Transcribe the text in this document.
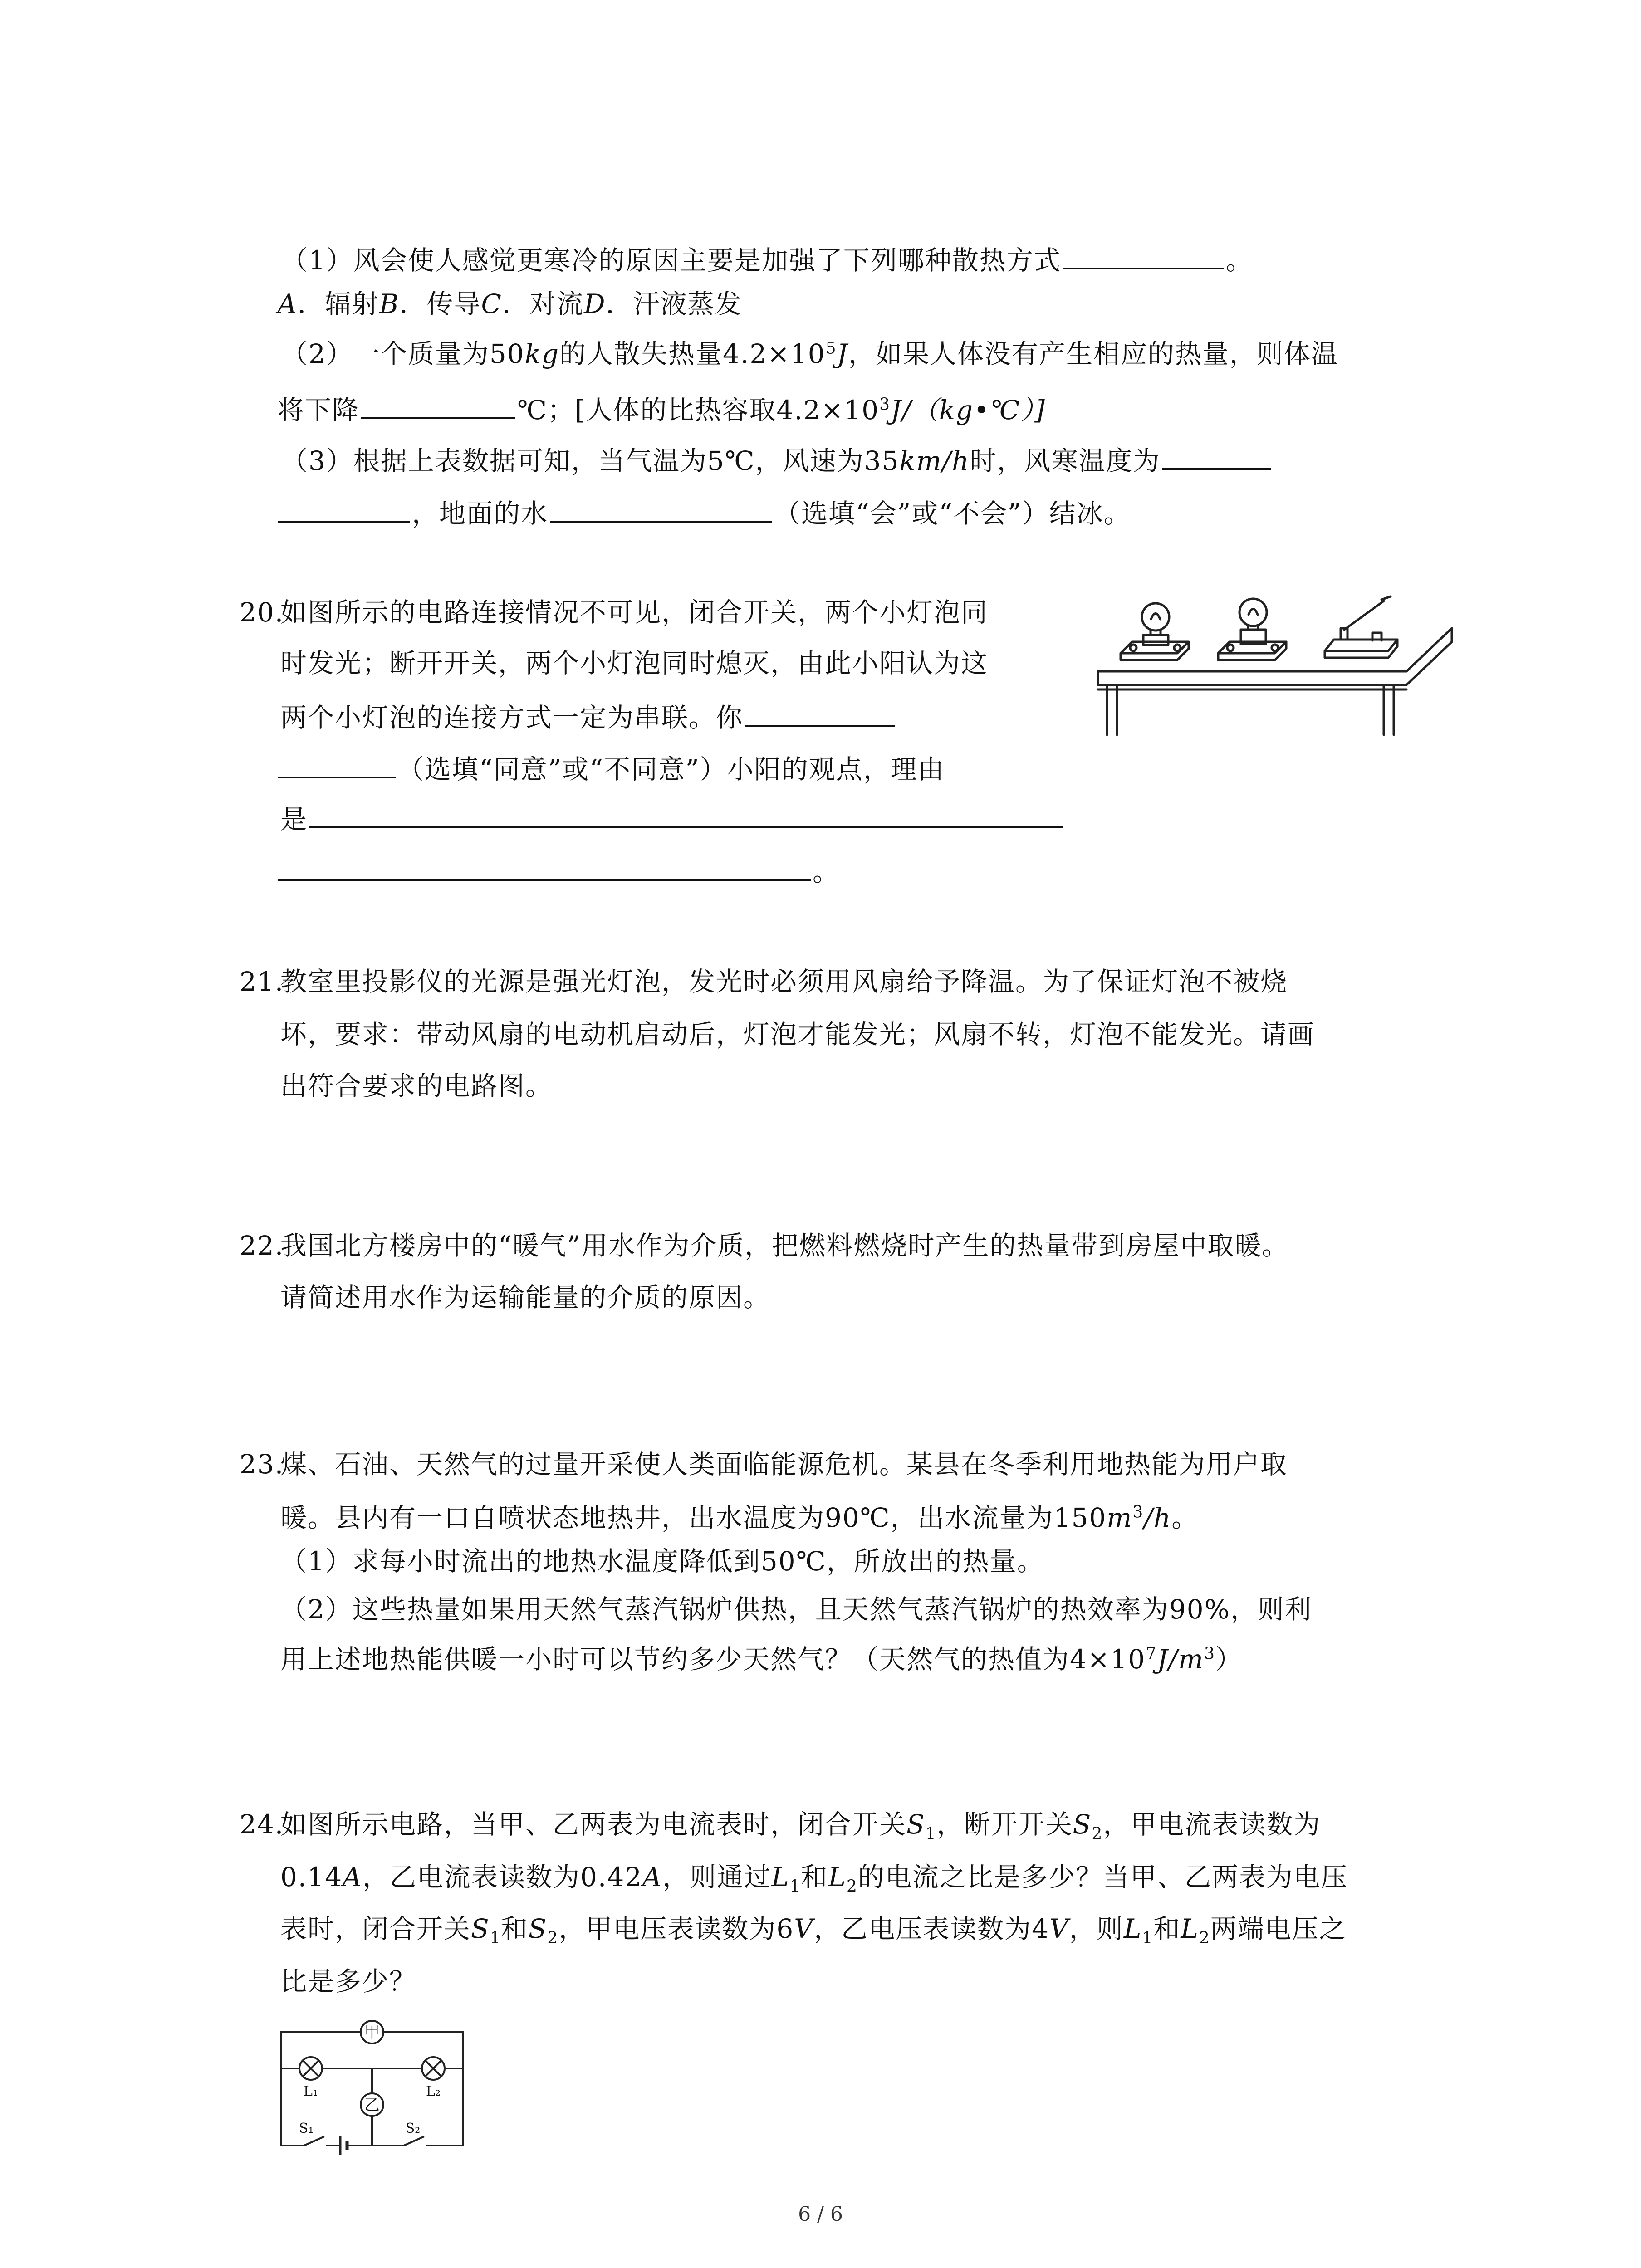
（1）风会使人感觉更寒冷的原因主要是加强了下列哪种散热方式	。
A．辐射B．传导C．对流D．汗液蒸发
（2）一个质量为50kg的人散失热量$4.2\times 10^5J$，如果人体没有产生相应的热量，则体温
将下降	℃；[人体的比热容取$4.2\times 10^3J/(kg•℃)$]
（3）根据上表数据可知，当气温为5℃，风速为35km/h时，风寒温度为
，地面的水	（选填“会”或“不会”）结冰。
20.
如图所示的电路连接情况不可见，闭合开关，两个小灯泡同
时发光；断开开关，两个小灯泡同时熄灭，由此小阳认为这
两个小灯泡的连接方式一定为串联。你
（选填“同意”或“不同意”）小阳的观点，理由
是
。
21.
教室里投影仪的光源是强光灯泡，发光时必须用风扇给予降温。为了保证灯泡不被烧
坏，要求：带动风扇的电动机启动后，灯泡才能发光；风扇不转，灯泡不能发光。请画
出符合要求的电路图。
22.
我国北方楼房中的“暖气”用水作为介质，把燃料燃烧时产生的热量带到房屋中取暖。
请简述用水作为运输能量的介质的原因。
23.
煤、石油、天然气的过量开采使人类面临能源危机。某县在冬季利用地热能为用户取
暖。县内有一口自喷状态地热井，出水温度为90℃，出水流量为$150m^3/h$。
（1）求每小时流出的地热水温度降低到50℃，所放出的热量。
（2）这些热量如果用天然气蒸汽锅炉供热，且天然气蒸汽锅炉的热效率为90%，则利
用上述地热能供暖一小时可以节约多少天然气？（天然气的热值为$4\times 10^7J/m^3$）
24.
如图所示电路，当甲、乙两表为电流表时，闭合开关$S_1$，断开开关$S_2$，甲电流表读数为
0.14A，乙电流表读数为0.42A，则通过$L_1$和$L_2$的电流之比是多少？当甲、乙两表为电压
表时，闭合开关$S_1$和$S_2$，甲电压表读数为6V，乙电压表读数为4V，则$L_1$和$L_2$两端电压之
比是多少？
甲
乙
L₁	L₂
S₁	S₂
6 / 6
